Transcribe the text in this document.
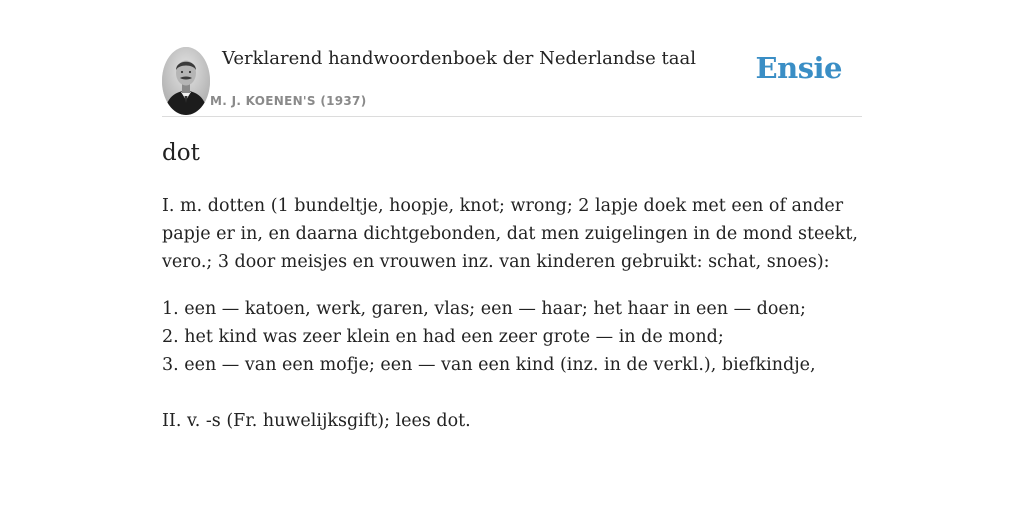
Verklarend handwoordenboek der Nederlandse taal
M. J. KOENEN'S (1937)
Ensie
dot
I. m. dotten (1 bundeltje, hoopje, knot; wrong; 2 lapje doek met een of ander papje er in, en daarna dichtgebonden, dat men zuigelingen in de mond steekt, vero.; 3 door meisjes en vrouwen inz. van kinderen gebruikt: schat, snoes):
1. een — katoen, werk, garen, vlas; een — haar; het haar in een — doen;
2. het kind was zeer klein en had een zeer grote — in de mond;
3. een — van een mofje; een — van een kind (inz. in de verkl.), biefkindje,
II. v. -s (Fr. huwelijksgift); lees dot.
